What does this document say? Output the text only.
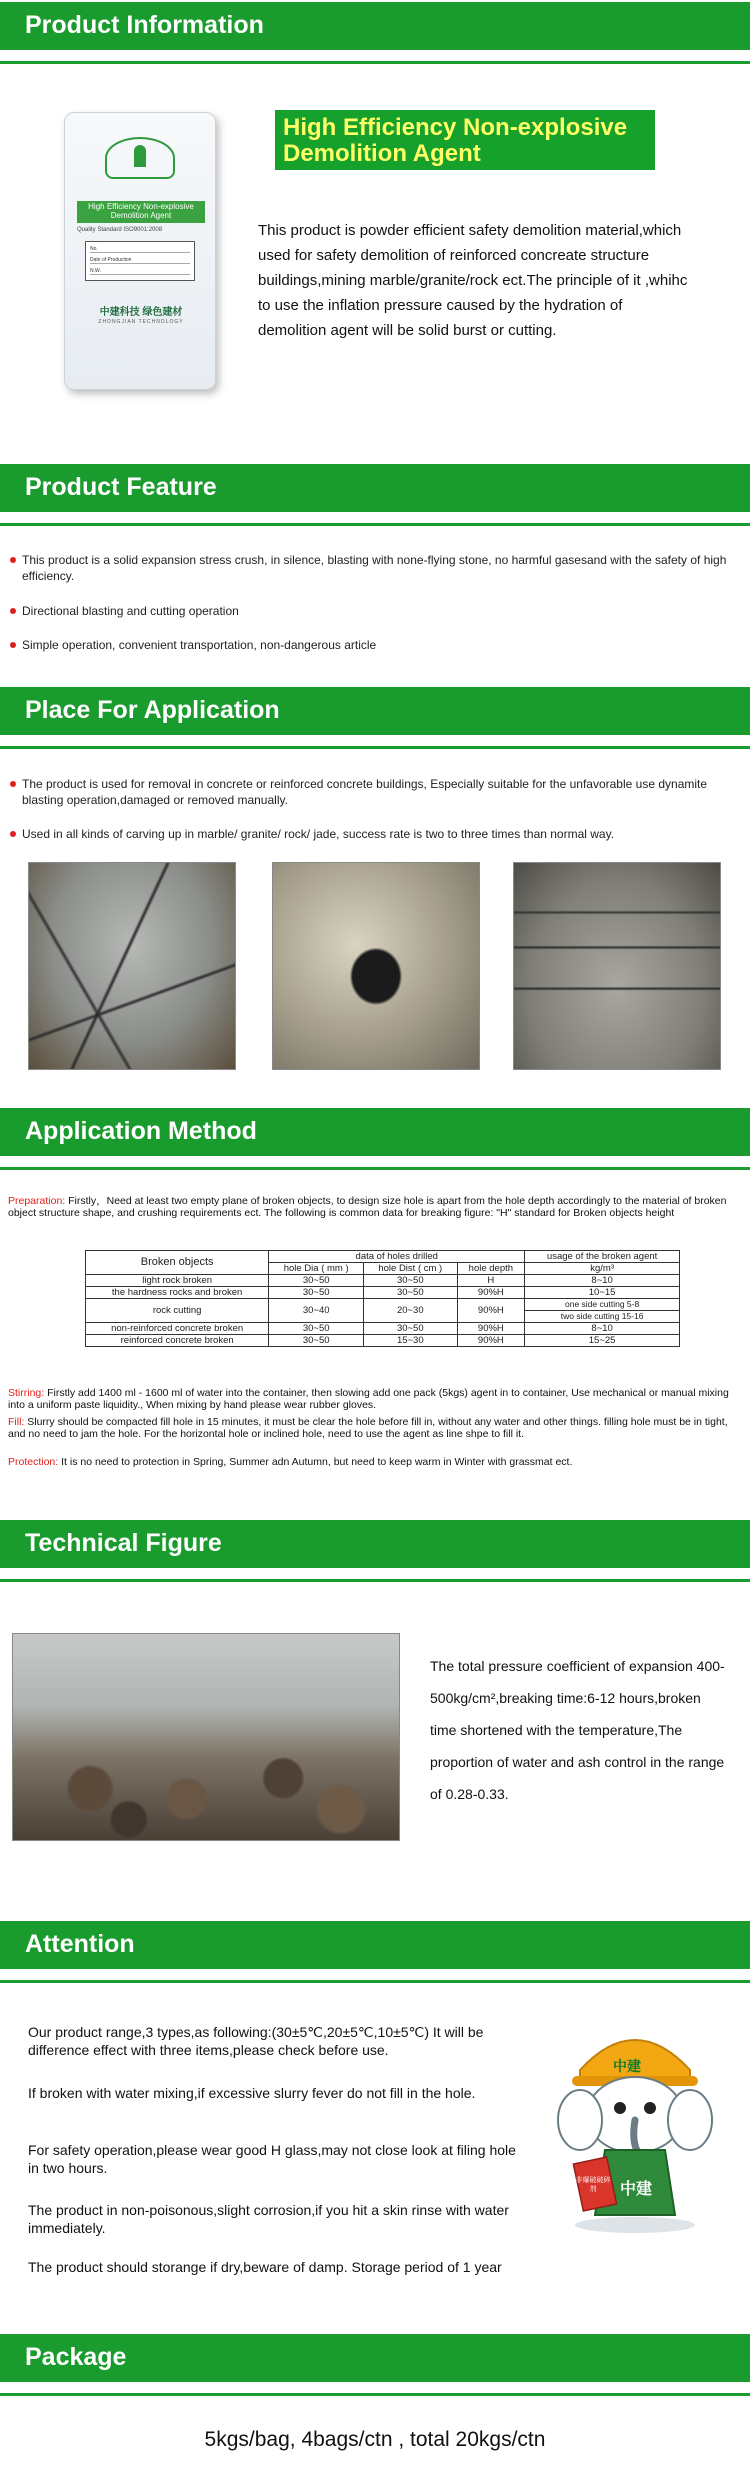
Product Information
High Efficiency Non-explosive Demolition Agent
Quality Standard ISO9001:2008
No.
Date of Production
N.W.
中建科技 绿色建材
ZHONGJIAN TECHNOLOGY
High Efficiency Non-explosive
Demolition Agent
This product is powder efficient safety demolition material,which used for safety demolition of reinforced concreate structure buildings,mining marble/granite/rock ect.The principle of it ,whihc to use the inflation pressure caused by the hydration of demolition agent will be solid burst or cutting.
Product Feature
This product is a solid expansion stress crush, in silence, blasting with none-flying stone, no harmful gasesand with the safety of high efficiency.
Directional blasting and cutting operation
Simple operation, convenient transportation, non-dangerous article
Place For Application
The product is used for removal in concrete or reinforced concrete buildings, Especially suitable for the unfavorable use dynamite blasting operation,damaged or removed manually.
Used in all kinds of carving up in marble/ granite/ rock/ jade, success rate is two to three times than normal way.
Application Method
Preparation: Firstly，Need at least two empty plane of broken objects, to design size hole is apart from the hole depth accordingly to the material of broken object structure shape, and crushing requirements ect. The following is common data for breaking figure: "H" standard for Broken objects height
Broken objects	data of holes drilled			usage of the broken agent
	hole Dia ( mm )	hole Dist ( cm )	hole depth	kg/m³
light rock broken	30~50	30~50	H	8~10
the hardness rocks and broken	30~50	30~50	90%H	10~15
rock cutting	30~40	20~30	90%H	one side cutting 5-8
				two side cutting 15-16
non-reinforced concrete broken	30~50	30~50	90%H	8~10
reinforced concrete broken	30~50	15~30	90%H	15~25
Stirring: Firstly add 1400 ml - 1600 ml of water into the container, then slowing add one pack (5kgs) agent in to container, Use mechanical or manual mixing into a uniform paste liquidity., When mixing by hand please wear rubber gloves.
Fill: Slurry should be compacted fill hole in 15 minutes, it must be clear the hole before fill in, without any water and other things. filling hole must be in tight, and no need to jam the hole. For the horizontal hole or inclined hole, need to use the agent as line shpe to fill it.
Protection: It is no need to protection in Spring, Summer adn Autumn, but need to keep warm in Winter with grassmat ect.
Technical Figure
The total pressure coefficient of expansion 400-500kg/cm²,breaking time:6-12 hours,broken time shortened with the temperature,The proportion of water and ash control in the range of 0.28-0.33.
Attention
Our product range,3 types,as following:(30±5℃,20±5℃,10±5℃) It will be difference effect with three items,please check before use.
If broken with water mixing,if excessive slurry fever do not fill in the hole.
For safety operation,please wear good H glass,may not close look at filing hole in two hours.
The product in non-poisonous,slight corrosion,if you hit a skin rinse with water immediately.
The product should storange if dry,beware of damp. Storage period of 1 year
中建
非爆破破碎剂	中建
Package
5kgs/bag, 4bags/ctn , total 20kgs/ctn
